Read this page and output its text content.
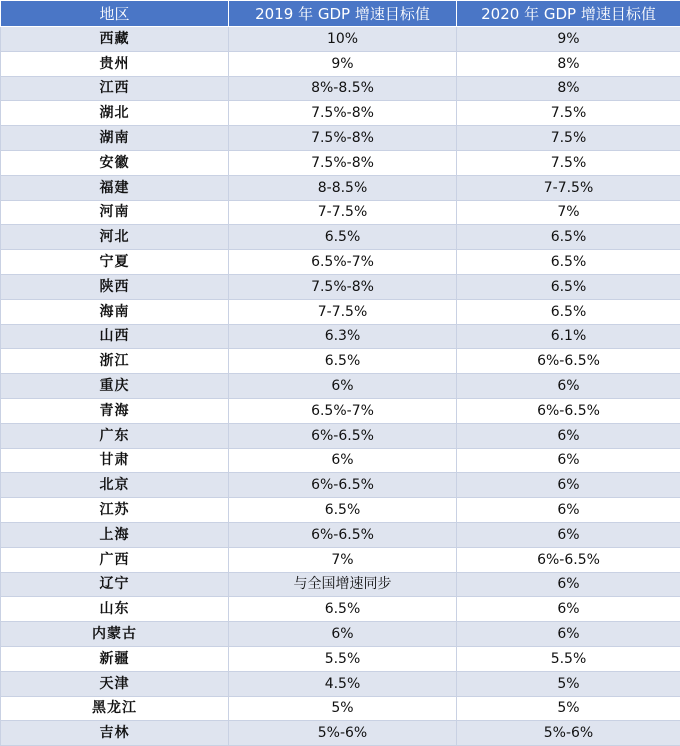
地区	2019 年 GDP 增速目标值	2020 年 GDP 增速目标值
西藏	10%	9%
贵州	9%	8%
江西	8%-8.5%	8%
湖北	7.5%-8%	7.5%
湖南	7.5%-8%	7.5%
安徽	7.5%-8%	7.5%
福建	8-8.5%	7-7.5%
河南	7-7.5%	7%
河北	6.5%	6.5%
宁夏	6.5%-7%	6.5%
陕西	7.5%-8%	6.5%
海南	7-7.5%	6.5%
山西	6.3%	6.1%
浙江	6.5%	6%-6.5%
重庆	6%	6%
青海	6.5%-7%	6%-6.5%
广东	6%-6.5%	6%
甘肃	6%	6%
北京	6%-6.5%	6%
江苏	6.5%	6%
上海	6%-6.5%	6%
广西	7%	6%-6.5%
辽宁	与全国增速同步	6%
山东	6.5%	6%
内蒙古	6%	6%
新疆	5.5%	5.5%
天津	4.5%	5%
黑龙江	5%	5%
吉林	5%-6%	5%-6%
